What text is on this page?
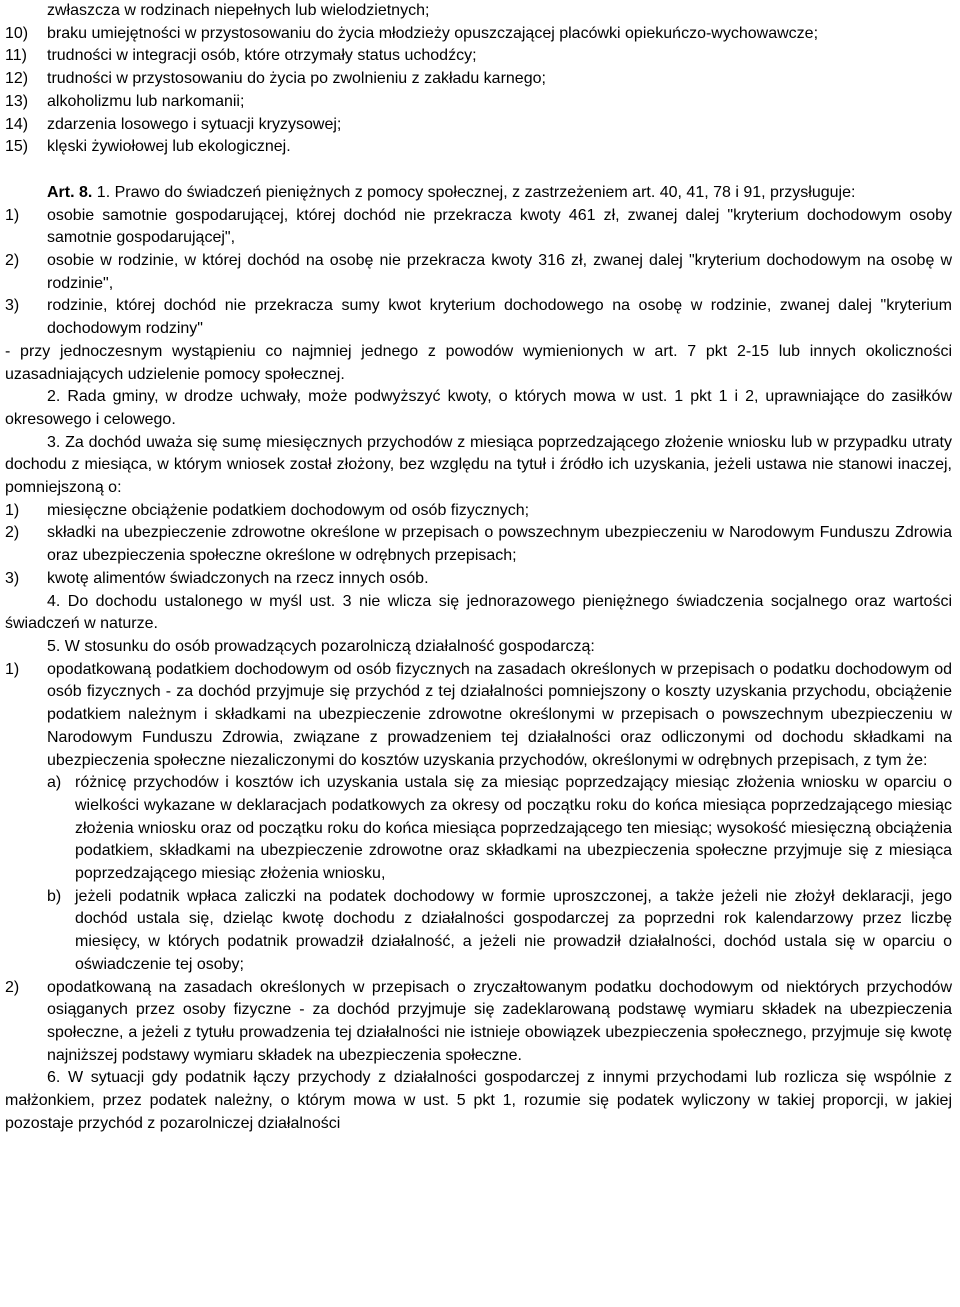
zwłaszcza w rodzinach niepełnych lub wielodzietnych;

10)	braku umiejętności w przystosowaniu do życia młodzieży opuszczającej placówki opiekuńczo-wychowawcze;
11)	trudności w integracji osób, które otrzymały status uchodźcy;
12)	trudności w przystosowaniu do życia po zwolnieniu z zakładu karnego;
13)	alkoholizmu lub narkomanii;
14)	zdarzenia losowego i sytuacji kryzysowej;
15)	klęski żywiołowej lub ekologicznej.

Art. 8. 1. Prawo do świadczeń pieniężnych z pomocy społecznej, z zastrzeżeniem art. 40, 41, 78 i 91, przysługuje:

1)	osobie samotnie gospodarującej, której dochód nie przekracza kwoty 461 zł, zwanej dalej "kryterium dochodowym osoby samotnie gospodarującej",
2)	osobie w rodzinie, w której dochód na osobę nie przekracza kwoty 316 zł, zwanej dalej "kryterium dochodowym na osobę w rodzinie",
3)	rodzinie, której dochód nie przekracza sumy kwot kryterium dochodowego na osobę w rodzinie, zwanej dalej "kryterium dochodowym rodziny"

- przy jednoczesnym wystąpieniu co najmniej jednego z powodów wymienionych w art. 7 pkt 2-15 lub innych okoliczności uzasadniających udzielenie pomocy społecznej.

2. Rada gminy, w drodze uchwały, może podwyższyć kwoty, o których mowa w ust. 1 pkt 1 i 2, uprawniające do zasiłków okresowego i celowego.

3. Za dochód uważa się sumę miesięcznych przychodów z miesiąca poprzedzającego złożenie wniosku lub w przypadku utraty dochodu z miesiąca, w którym wniosek został złożony, bez względu na tytuł i źródło ich uzyskania, jeżeli ustawa nie stanowi inaczej, pomniejszoną o:

1)	miesięczne obciążenie podatkiem dochodowym od osób fizycznych;
2)	składki na ubezpieczenie zdrowotne określone w przepisach o powszechnym ubezpieczeniu w Narodowym Funduszu Zdrowia oraz ubezpieczenia społeczne określone w odrębnych przepisach;
3)	kwotę alimentów świadczonych na rzecz innych osób.

4. Do dochodu ustalonego w myśl ust. 3 nie wlicza się jednorazowego pieniężnego świadczenia socjalnego oraz wartości świadczeń w naturze.

5. W stosunku do osób prowadzących pozarolniczą działalność gospodarczą:

1)	opodatkowaną podatkiem dochodowym od osób fizycznych na zasadach określonych w przepisach o podatku dochodowym od osób fizycznych - za dochód przyjmuje się przychód z tej działalności pomniejszony o koszty uzyskania przychodu, obciążenie podatkiem należnym i składkami na ubezpieczenie zdrowotne określonymi w przepisach o powszechnym ubezpieczeniu w Narodowym Funduszu Zdrowia, związane z prowadzeniem tej działalności oraz odliczonymi od dochodu składkami na ubezpieczenia społeczne niezaliczonymi do kosztów uzyskania przychodów, określonymi w odrębnych przepisach, z tym że:
a) różnicę przychodów i kosztów ich uzyskania ustala się za miesiąc poprzedzający miesiąc złożenia wniosku w oparciu o wielkości wykazane w deklaracjach podatkowych za okresy od początku roku do końca miesiąca poprzedzającego miesiąc złożenia wniosku oraz od początku roku do końca miesiąca poprzedzającego ten miesiąc; wysokość miesięczną obciążenia podatkiem, składkami na ubezpieczenie zdrowotne oraz składkami na ubezpieczenia społeczne przyjmuje się z miesiąca poprzedzającego miesiąc złożenia wniosku,
b) jeżeli podatnik wpłaca zaliczki na podatek dochodowy w formie uproszczonej, a także jeżeli nie złożył deklaracji, jego dochód ustala się, dzieląc kwotę dochodu z działalności gospodarczej za poprzedni rok kalendarzowy przez liczbę miesięcy, w których podatnik prowadził działalność, a jeżeli nie prowadził działalności, dochód ustala się w oparciu o oświadczenie tej osoby;
2)	opodatkowaną na zasadach określonych w przepisach o zryczałtowanym podatku dochodowym od niektórych przychodów osiąganych przez osoby fizyczne - za dochód przyjmuje się zadeklarowaną podstawę wymiaru składek na ubezpieczenia społeczne, a jeżeli z tytułu prowadzenia tej działalności nie istnieje obowiązek ubezpieczenia społecznego, przyjmuje się kwotę najniższej podstawy wymiaru składek na ubezpieczenia społeczne.

6. W sytuacji gdy podatnik łączy przychody z działalności gospodarczej z innymi przychodami lub rozlicza się wspólnie z małżonkiem, przez podatek należny, o którym mowa w ust. 5 pkt 1, rozumie się podatek wyliczony w takiej proporcji, w jakiej pozostaje przychód z pozarolniczej działalności
